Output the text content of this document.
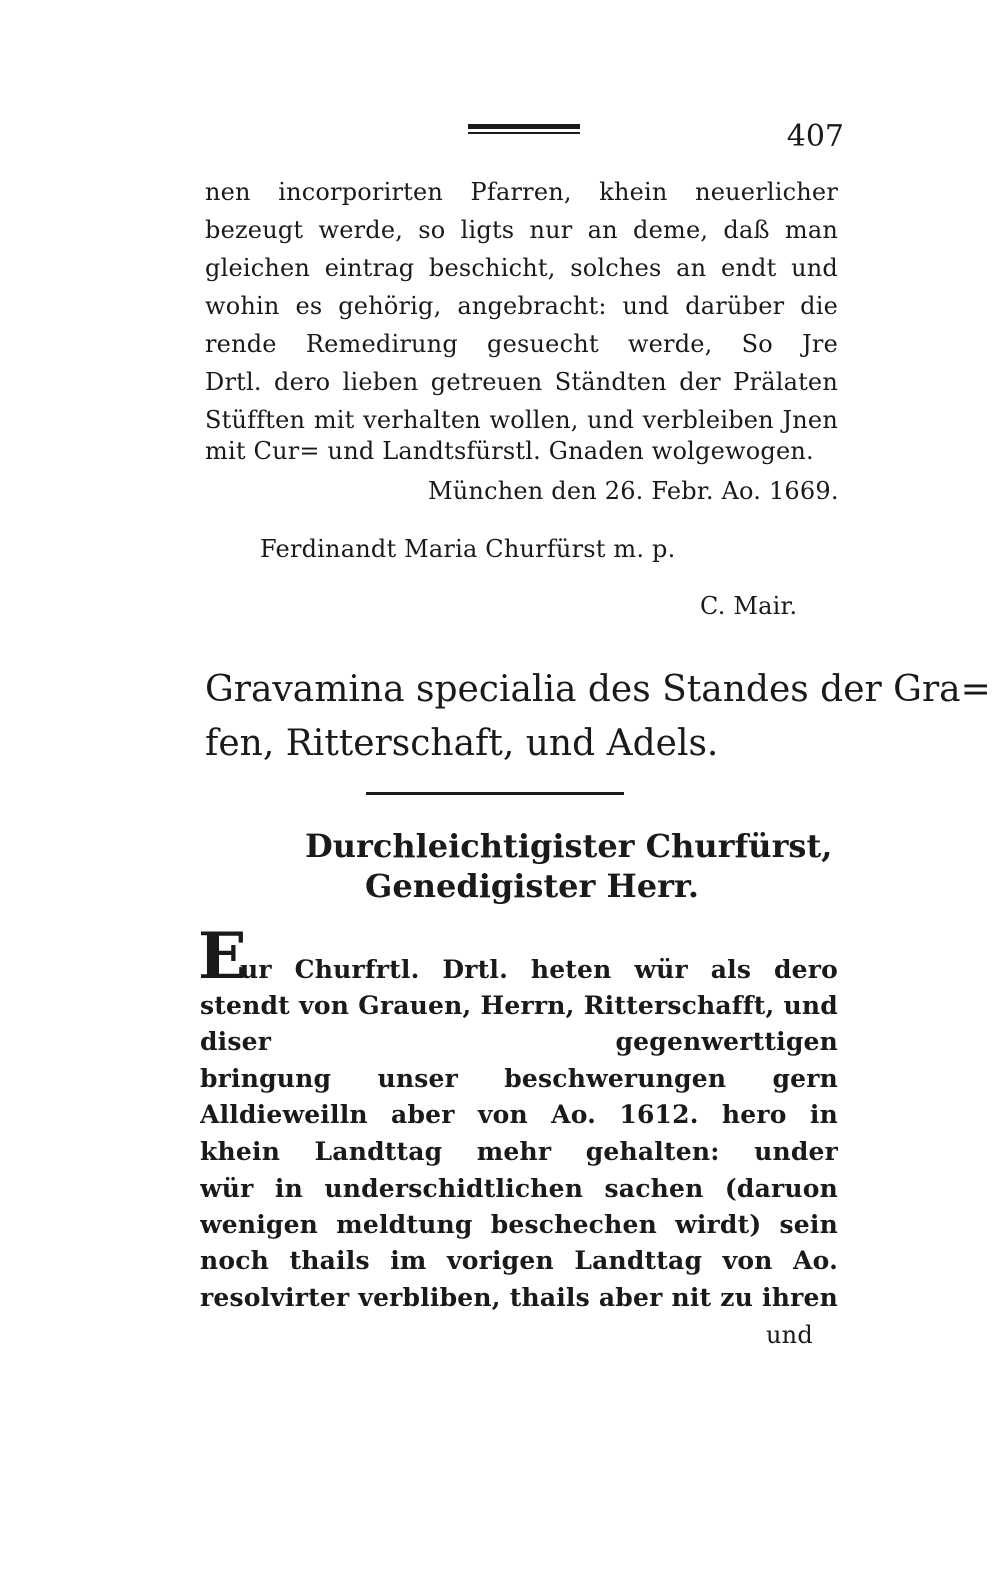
407
nen incorporirten Pfarren, khein neuerlicher
bezeugt werde, so ligts nur an deme, daß man
gleichen eintrag beschicht, solches an endt und
wohin es gehörig, angebracht: und darüber die
rende Remedirung gesuecht werde, So Jre
Drtl. dero lieben getreuen Ständten der Prälaten
Stüfften mit verhalten wollen, und verbleiben Jnen
mit Cur= und Landtsfürstl. Gnaden wolgewogen.
München den 26. Febr. Ao. 1669.
Ferdinandt Maria Churfürst m. p.
C. Mair.
Gravamina specialia des Standes der Gra=
fen, Ritterschaft, und Adels.
Durchleichtigister Churfürst,
Genedigister Herr.
E
ur Churfrtl. Drtl. heten wür als dero
stendt von Grauen, Herrn, Ritterschafft, und
diser gegenwerttigen
bringung unser beschwerungen gern
Alldieweilln aber von Ao. 1612. hero in
khein Landttag mehr gehalten: under
wür in underschidtlichen sachen (daruon
wenigen meldtung beschechen wirdt) sein
noch thails im vorigen Landttag von Ao.
resolvirter verbliben, thails aber nit zu ihren
und
